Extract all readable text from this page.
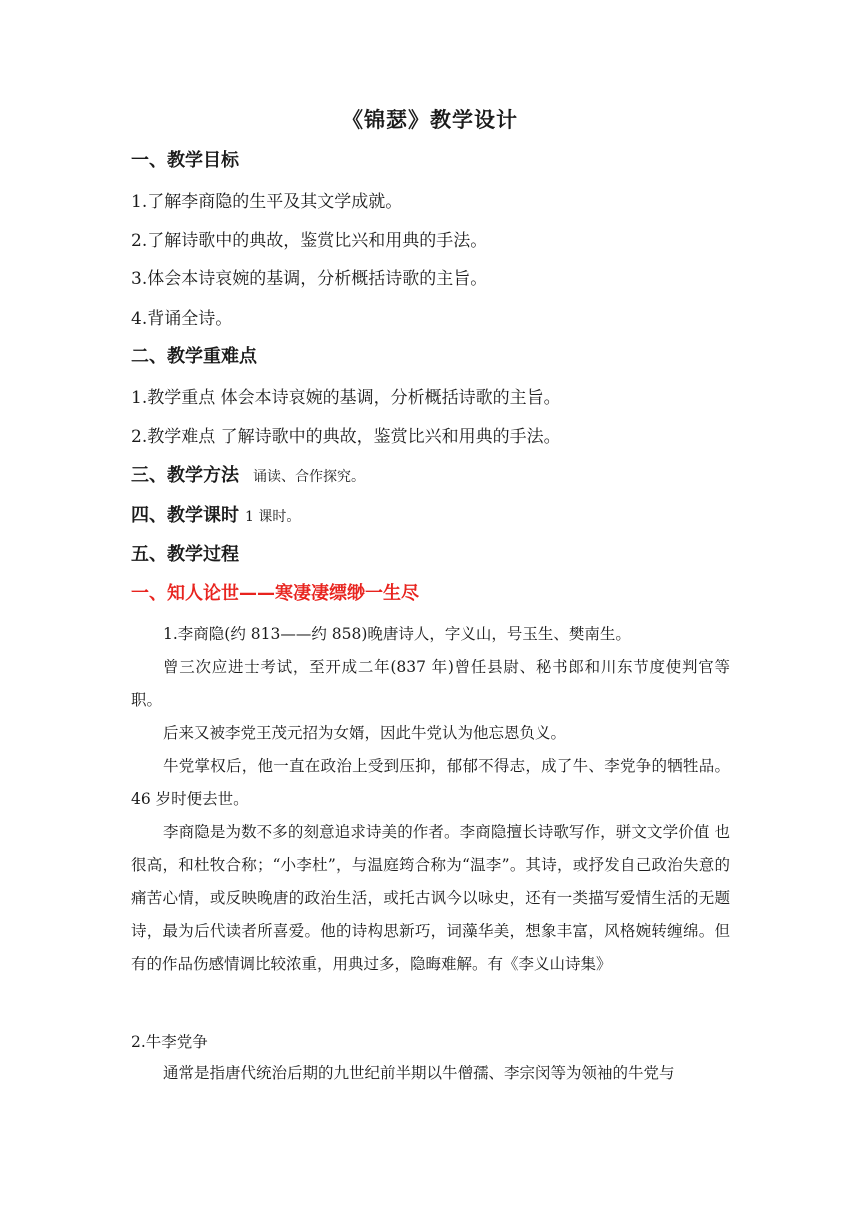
《锦瑟》教学设计
一、教学目标
1.了解李商隐的生平及其文学成就。
2.了解诗歌中的典故，鉴赏比兴和用典的手法。
3.体会本诗哀婉的基调，分析概括诗歌的主旨。
4.背诵全诗。
二、教学重难点
1.教学重点 体会本诗哀婉的基调，分析概括诗歌的主旨。
2.教学难点 了解诗歌中的典故，鉴赏比兴和用典的手法。
三、教学方法 诵读、合作探究。
四、教学课时 1 课时。
五、教学过程
一、知人论世——寒凄凄缥缈一生尽
1.李商隐(约 813——约 858)晚唐诗人，字义山，号玉生、樊南生。
曾三次应进士考试，至开成二年(837 年)曾任县尉、秘书郎和川东节度使判官等职。
后来又被李党王茂元招为女婿，因此牛党认为他忘恩负义。
牛党掌权后，他一直在政治上受到压抑，郁郁不得志，成了牛、李党争的牺牲品。46 岁时便去世。
李商隐是为数不多的刻意追求诗美的作者。李商隐擅长诗歌写作，骈文文学价值 也很高，和杜牧合称；“小李杜”，与温庭筠合称为“温李”。其诗，或抒发自己政治失意的痛苦心情，或反映晚唐的政治生活，或托古讽今以咏史，还有一类描写爱情生活的无题诗，最为后代读者所喜爱。他的诗构思新巧，词藻华美，想象丰富，风格婉转缠绵。但有的作品伤感情调比较浓重，用典过多，隐晦难解。有《李义山诗集》
2.牛李党争
通常是指唐代统治后期的九世纪前半期以牛僧孺、李宗闵等为领袖的牛党与
